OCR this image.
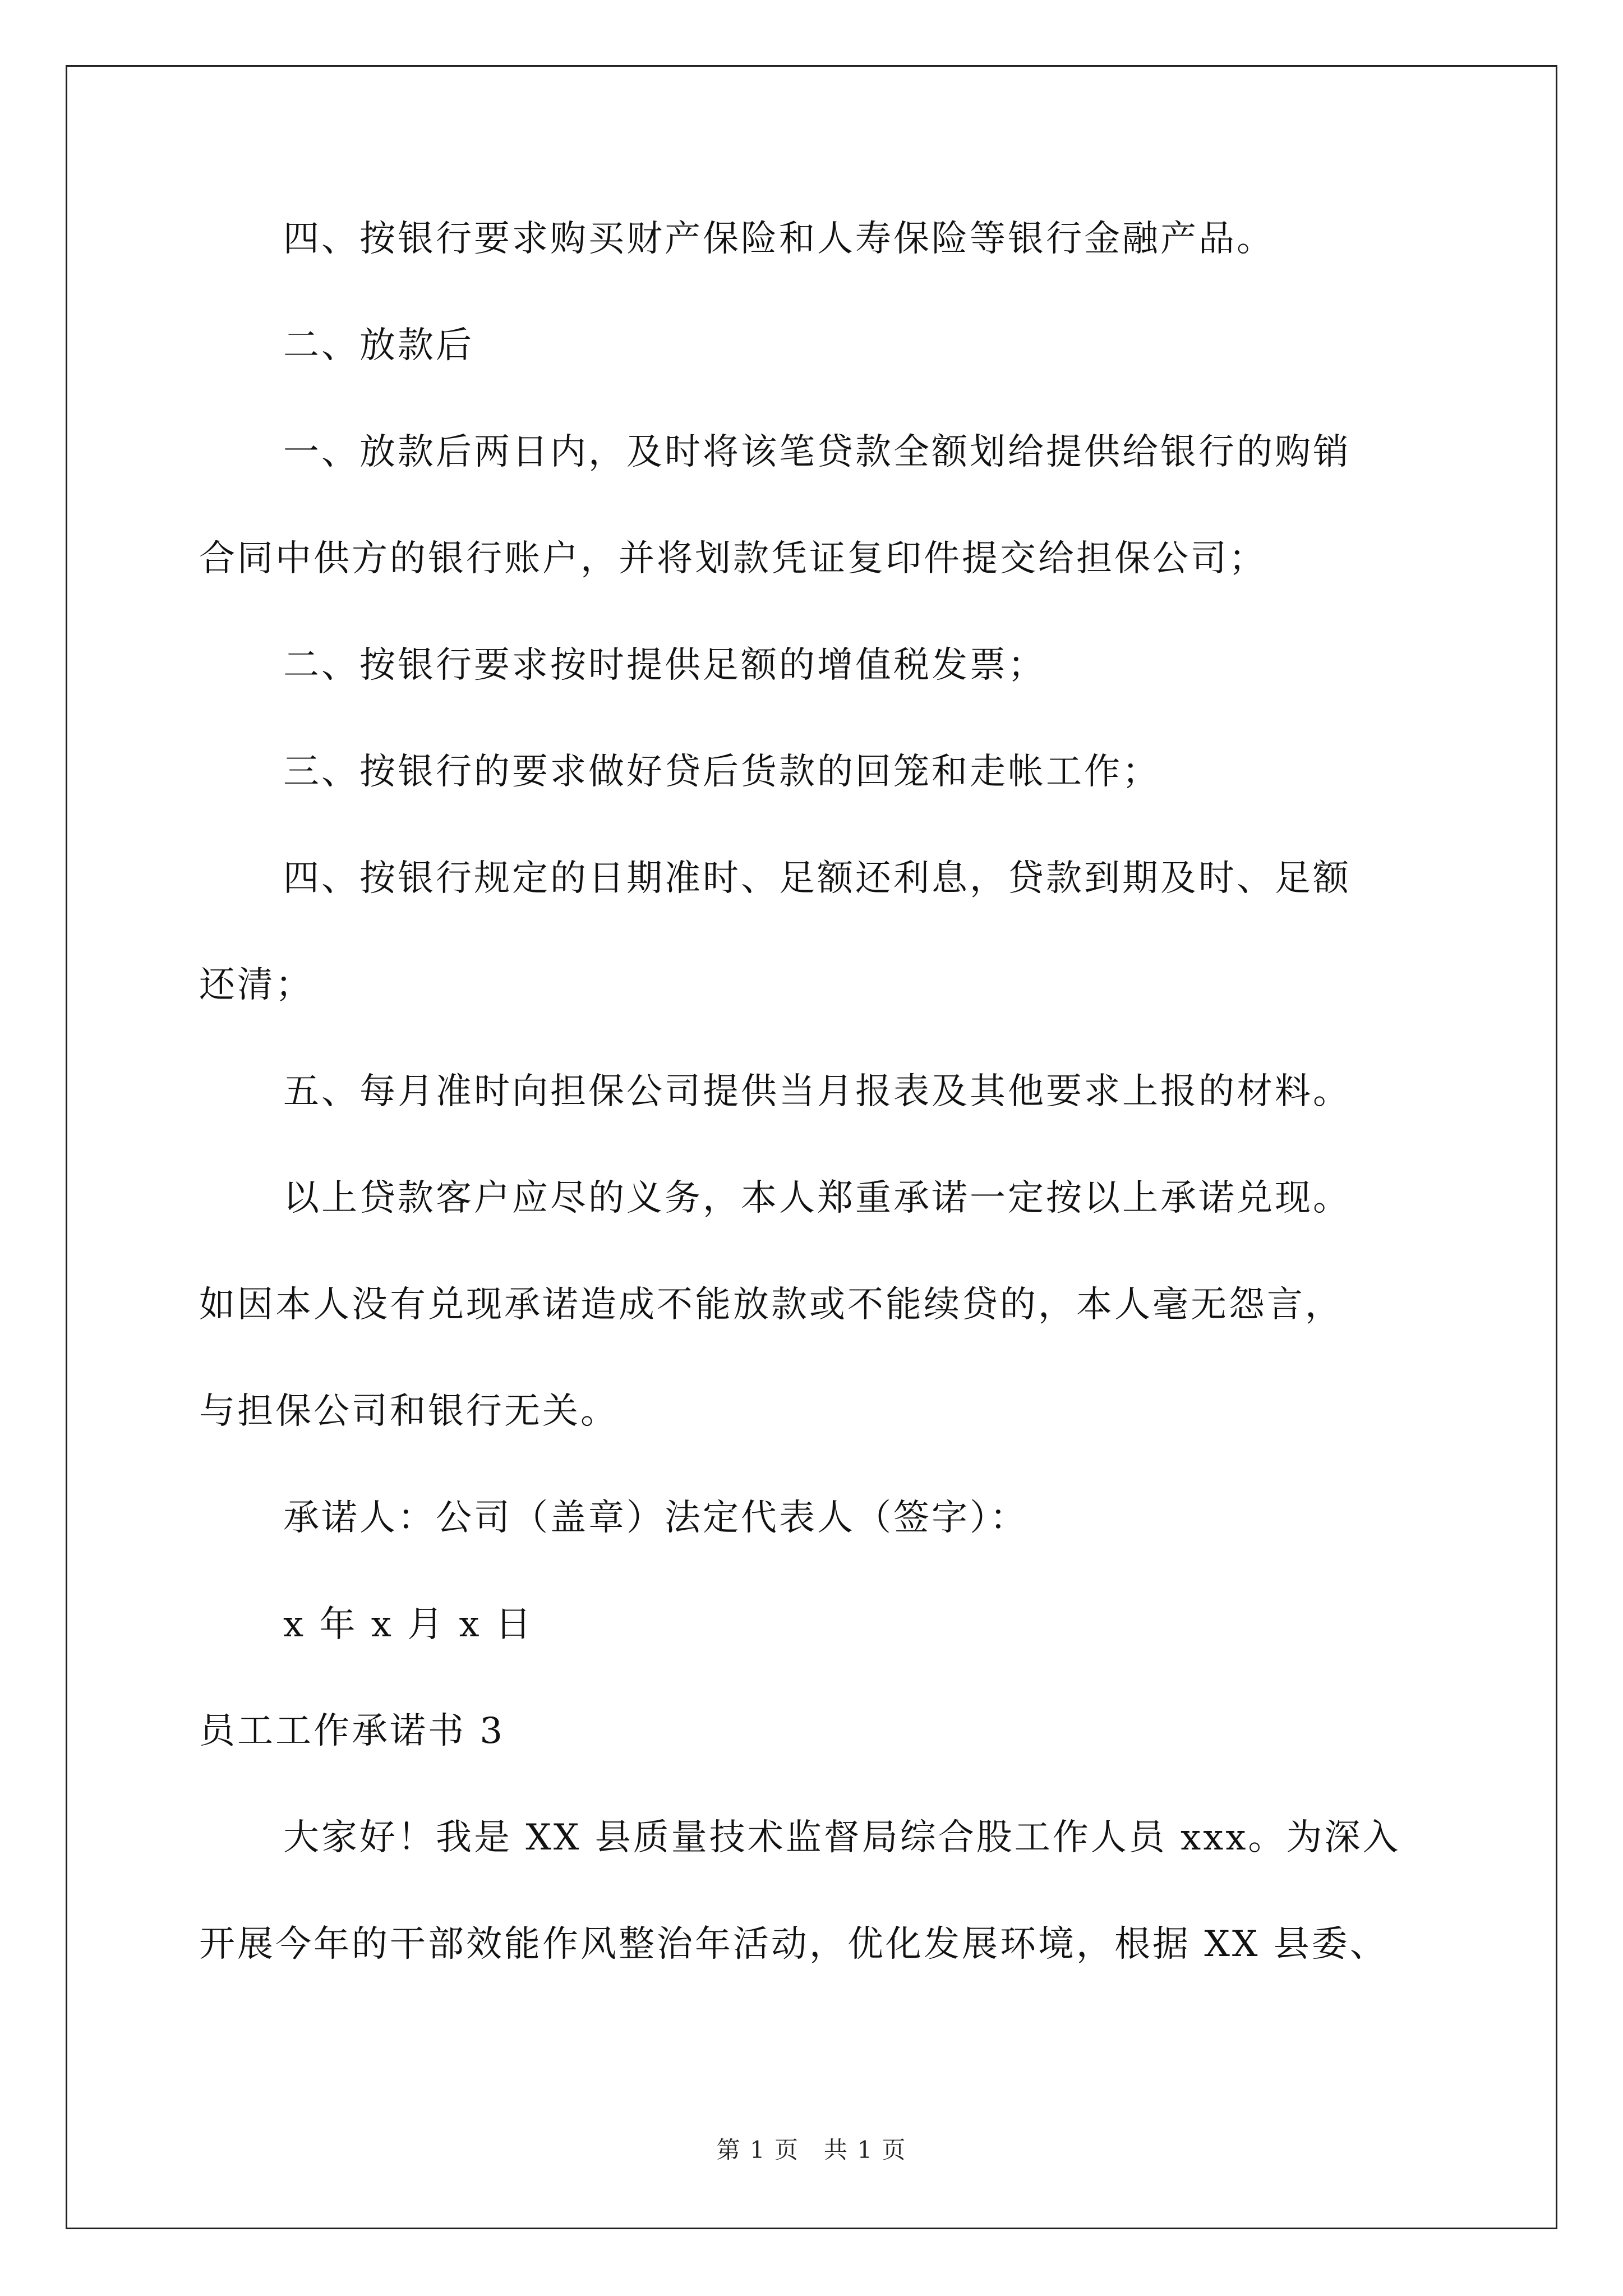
四、按银行要求购买财产保险和人寿保险等银行金融产品。
二、放款后
一、放款后两日内，及时将该笔贷款全额划给提供给银行的购销
合同中供方的银行账户，并将划款凭证复印件提交给担保公司；
二、按银行要求按时提供足额的增值税发票；
三、按银行的要求做好贷后货款的回笼和走帐工作；
四、按银行规定的日期准时、足额还利息，贷款到期及时、足额
还清；
五、每月准时向担保公司提供当月报表及其他要求上报的材料。
以上贷款客户应尽的义务，本人郑重承诺一定按以上承诺兑现。
如因本人没有兑现承诺造成不能放款或不能续贷的，本人毫无怨言，
与担保公司和银行无关。
承诺人：公司（盖章）法定代表人（签字）：
x 年 x 月 x 日
员工工作承诺书 3
大家好！我是 XX 县质量技术监督局综合股工作人员 xxx。为深入
开展今年的干部效能作风整治年活动，优化发展环境，根据 XX 县委、
第 1 页　共 1 页
